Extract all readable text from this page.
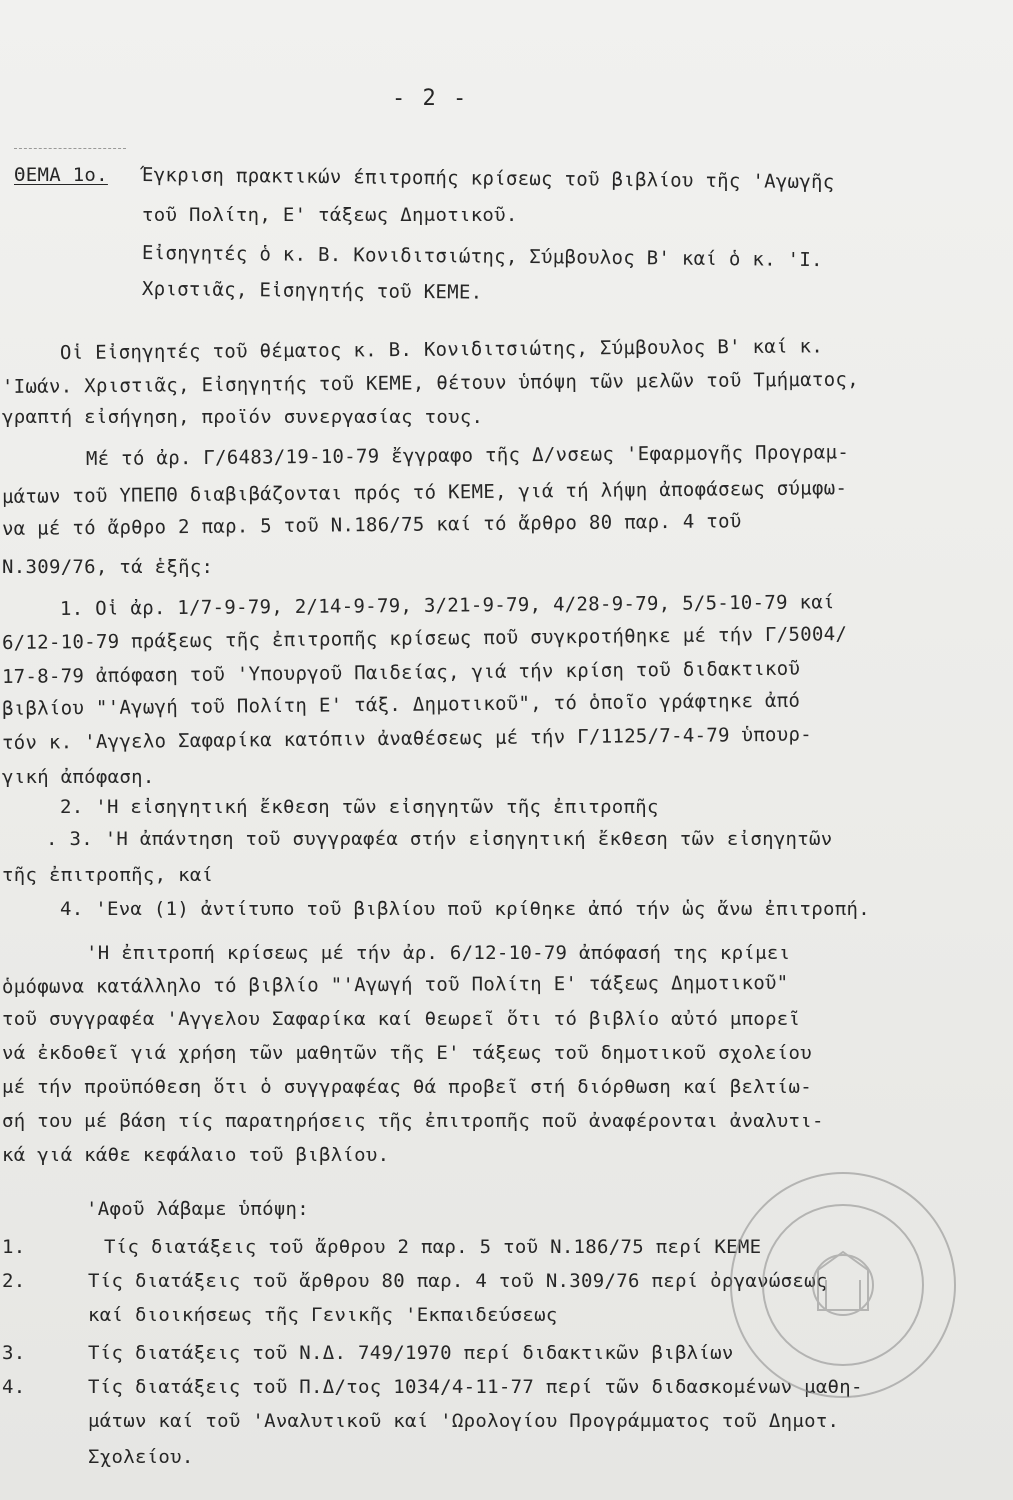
- 2 -
ΘΕΜΑ 1ο. Έγκριση πρακτικών έπιτροπής κρίσεως τοῦ βιβλίου τῆς 'Αγωγῆς
τοῦ Πολίτη, Ε' τάξεως Δημοτικοῦ.
Εἰσηγητές ὁ κ. Β. Κονιδιτσιώτης, Σύμβουλος Β' καί ὁ κ. 'Ι.
Χριστιᾶς, Εἰσηγητής τοῦ ΚΕΜΕ.
Οἱ Εἰσηγητές τοῦ θέματος κ. Β. Κονιδιτσιώτης, Σύμβουλος Β' καί κ.
'Ιωάν. Χριστιᾶς, Εἰσηγητής τοῦ ΚΕΜΕ, θέτουν ὑπόψη τῶν μελῶν τοῦ Τμήματος,
γραπτή εἰσήγηση, προϊόν συνεργασίας τους.
Μέ τό ἀρ. Γ/6483/19-10-79 ἔγγραφο τῆς Δ/νσεως 'Εφαρμογῆς Προγραμ-
μάτων τοῦ ΥΠΕΠΘ διαβιβάζονται πρός τό ΚΕΜΕ, γιά τή λήψη ἀποφάσεως σύμφω-
να μέ τό ἄρθρο 2 παρ. 5 τοῦ Ν.186/75 καί τό ἄρθρο 80 παρ. 4 τοῦ
Ν.309/76, τά ἑξῆς:
1. Οἱ ἀρ. 1/7-9-79, 2/14-9-79, 3/21-9-79, 4/28-9-79, 5/5-10-79 καί
6/12-10-79 πράξεως τῆς ἐπιτροπῆς κρίσεως ποῦ συγκροτήθηκε μέ τήν Γ/5004/
17-8-79 ἀπόφαση τοῦ 'Υπουργοῦ Παιδείας, γιά τήν κρίση τοῦ διδακτικοῦ
βιβλίου "'Αγωγή τοῦ Πολίτη Ε' τάξ. Δημοτικοῦ", τό ὁποῖο γράφτηκε ἀπό
τόν κ. 'Αγγελο Σαφαρίκα κατόπιν ἀναθέσεως μέ τήν Γ/1125/7-4-79 ὑπουρ-
γική ἀπόφαση.
2. 'Η εἰσηγητική ἔκθεση τῶν εἰσηγητῶν τῆς ἐπιτροπῆς
. 3. 'Η ἀπάντηση τοῦ συγγραφέα στήν εἰσηγητική ἔκθεση τῶν εἰσηγητῶν
τῆς ἐπιτροπῆς, καί
4. 'Ενα (1) ἀντίτυπο τοῦ βιβλίου ποῦ κρίθηκε ἀπό τήν ὡς ἄνω ἐπιτροπή.
'Η ἐπιτροπή κρίσεως μέ τήν ἀρ. 6/12-10-79 ἀπόφασή της κρίμει
ὁμόφωνα κατάλληλο τό βιβλίο "'Αγωγή τοῦ Πολίτη Ε' τάξεως Δημοτικοῦ"
τοῦ συγγραφέα 'Αγγελου Σαφαρίκα καί θεωρεῖ ὅτι τό βιβλίο αὐτό μπορεῖ
νά ἐκδοθεῖ γιά χρήση τῶν μαθητῶν τῆς Ε' τάξεως τοῦ δημοτικοῦ σχολείου
μέ τήν προϋπόθεση ὅτι ὁ συγγραφέας θά προβεῖ στή διόρθωση καί βελτίω-
σή του μέ βάση τίς παρατηρήσεις τῆς ἐπιτροπῆς ποῦ ἀναφέρονται ἀναλυτι-
κά γιά κάθε κεφάλαιο τοῦ βιβλίου.
'Αφοῦ λάβαμε ὑπόψη:
1.	Τίς διατάξεις τοῦ ἄρθρου 2 παρ. 5 τοῦ Ν.186/75 περί ΚΕΜΕ
2.	Τίς διατάξεις τοῦ ἄρθρου 80 παρ. 4 τοῦ Ν.309/76 περί ὀργανώσεως
καί διοικήσεως τῆς Γενικῆς 'Εκπαιδεύσεως
3.	Τίς διατάξεις τοῦ Ν.Δ. 749/1970 περί διδακτικῶν βιβλίων
4.	Τίς διατάξεις τοῦ Π.Δ/τος 1034/4-11-77 περί τῶν διδασκομένων μαθη-
μάτων καί τοῦ 'Αναλυτικοῦ καί 'Ωρολογίου Προγράμματος τοῦ Δημοτ.
Σχολείου.
